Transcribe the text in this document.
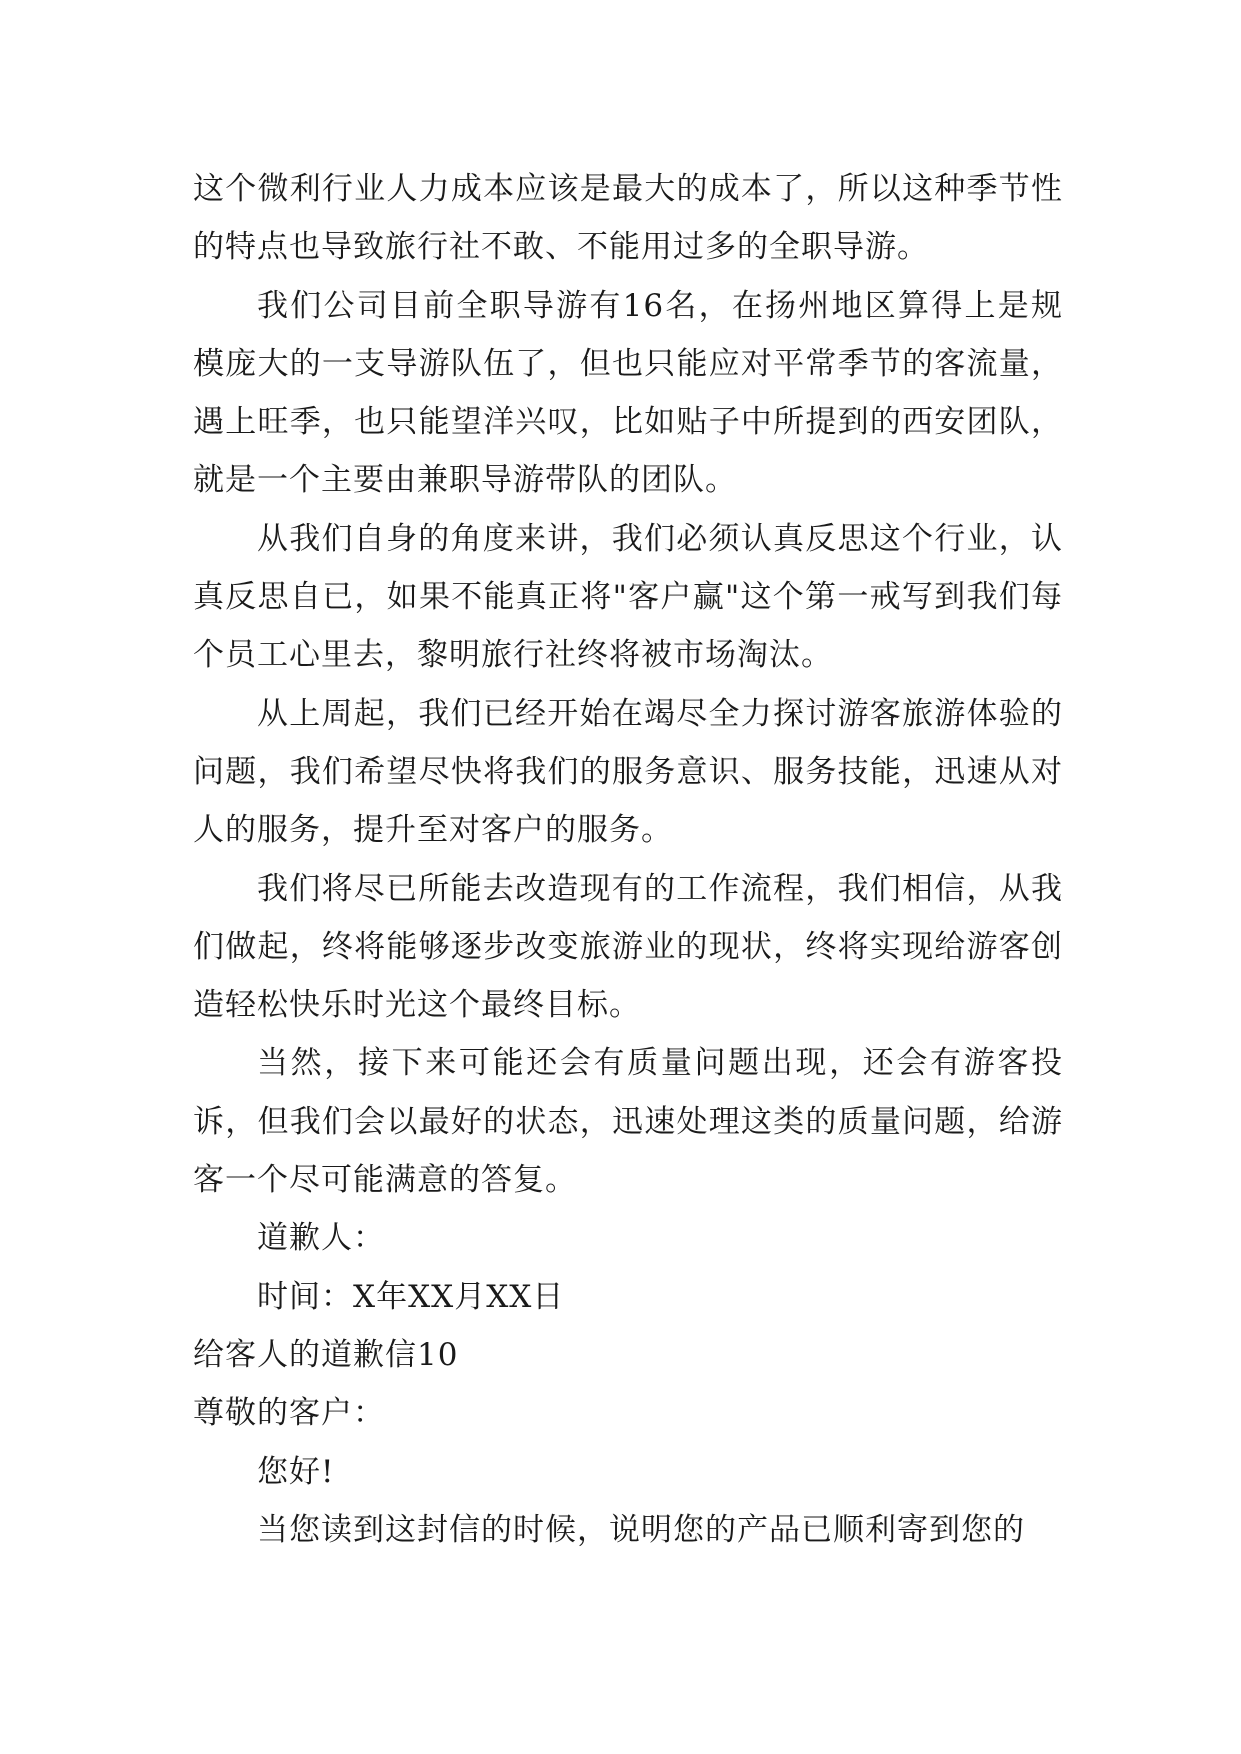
这个微利行业人力成本应该是最大的成本了，所以这种季节性的特点也导致旅行社不敢、不能用过多的全职导游。

我们公司目前全职导游有16名，在扬州地区算得上是规模庞大的一支导游队伍了，但也只能应对平常季节的客流量，遇上旺季，也只能望洋兴叹，比如贴子中所提到的西安团队，就是一个主要由兼职导游带队的团队。

从我们自身的角度来讲，我们必须认真反思这个行业，认真反思自已，如果不能真正将"客户赢"这个第一戒写到我们每个员工心里去，黎明旅行社终将被市场淘汰。

从上周起，我们已经开始在竭尽全力探讨游客旅游体验的问题，我们希望尽快将我们的服务意识、服务技能，迅速从对人的服务，提升至对客户的服务。

我们将尽已所能去改造现有的工作流程，我们相信，从我们做起，终将能够逐步改变旅游业的现状，终将实现给游客创造轻松快乐时光这个最终目标。

当然，接下来可能还会有质量问题出现，还会有游客投诉，但我们会以最好的状态，迅速处理这类的质量问题，给游客一个尽可能满意的答复。

道歉人：

时间：X年XX月XX日

给客人的道歉信10

尊敬的客户：

您好!

当您读到这封信的时候，说明您的产品已顺利寄到您的
